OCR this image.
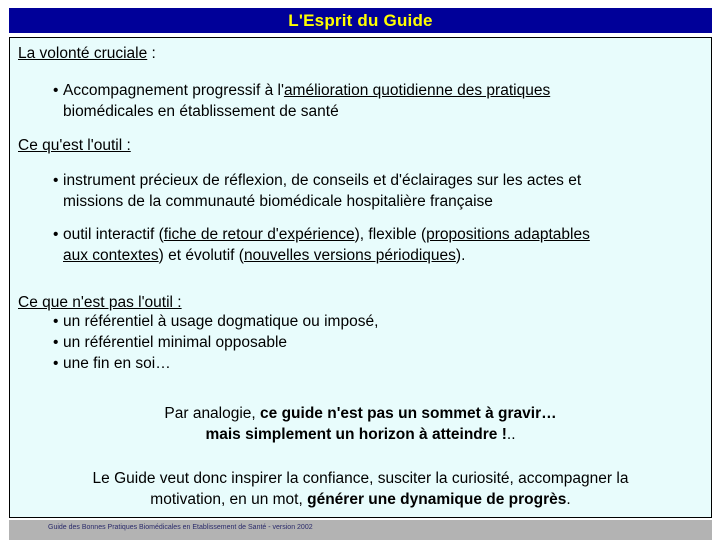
L'Esprit du Guide
La volonté cruciale :
• Accompagnement progressif à l'amélioration quotidienne des pratiques
biomédicales en établissement de santé
Ce qu'est l'outil :
• instrument précieux de réflexion, de conseils et d'éclairages sur les actes et
missions de la communauté biomédicale hospitalière française
• outil interactif (fiche de retour d'expérience), flexible (propositions adaptables
aux contextes) et évolutif (nouvelles versions périodiques).
Ce que n'est pas l'outil :
• un référentiel à usage dogmatique ou imposé,
• un référentiel minimal opposable
• une fin en soi…
Par analogie, ce guide n'est pas un sommet à gravir…
mais simplement un horizon à atteindre !..
Le Guide veut donc inspirer la confiance, susciter la curiosité, accompagner la
motivation, en un mot, générer une dynamique de progrès.
Guide des Bonnes Pratiques Biomédicales en Etablissement de Santé - version 2002
